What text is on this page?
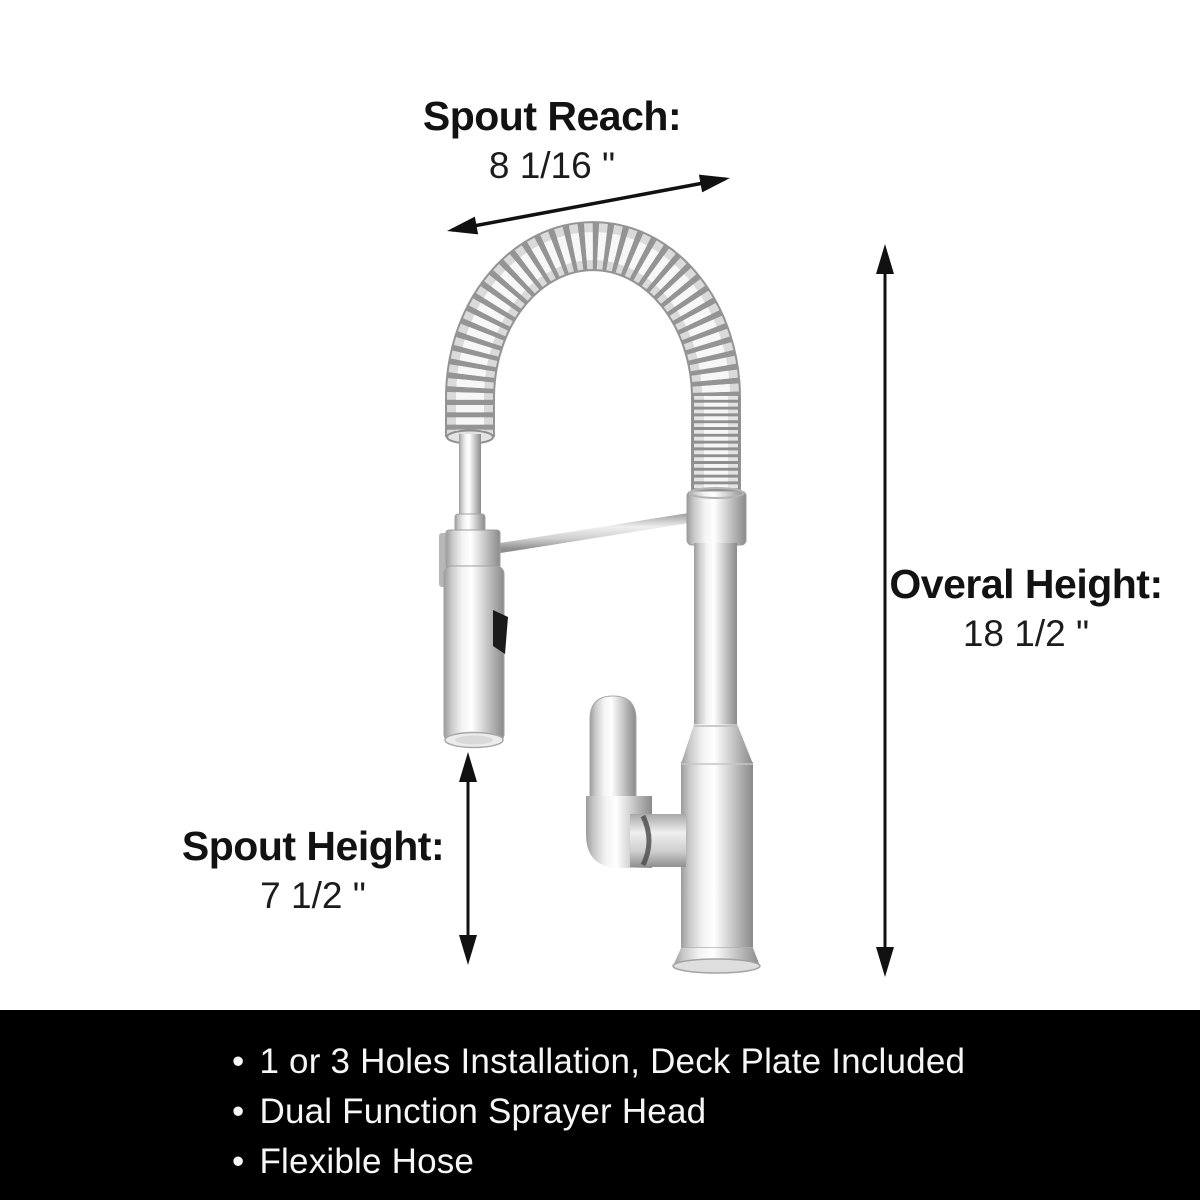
Spout Reach:
8 1/16 "
Overal Height:
18 1/2 "
Spout Height:
7 1/2 "
• 1 or 3 Holes Installation, Deck Plate Included
• Dual Function Sprayer Head
• Flexible Hose
